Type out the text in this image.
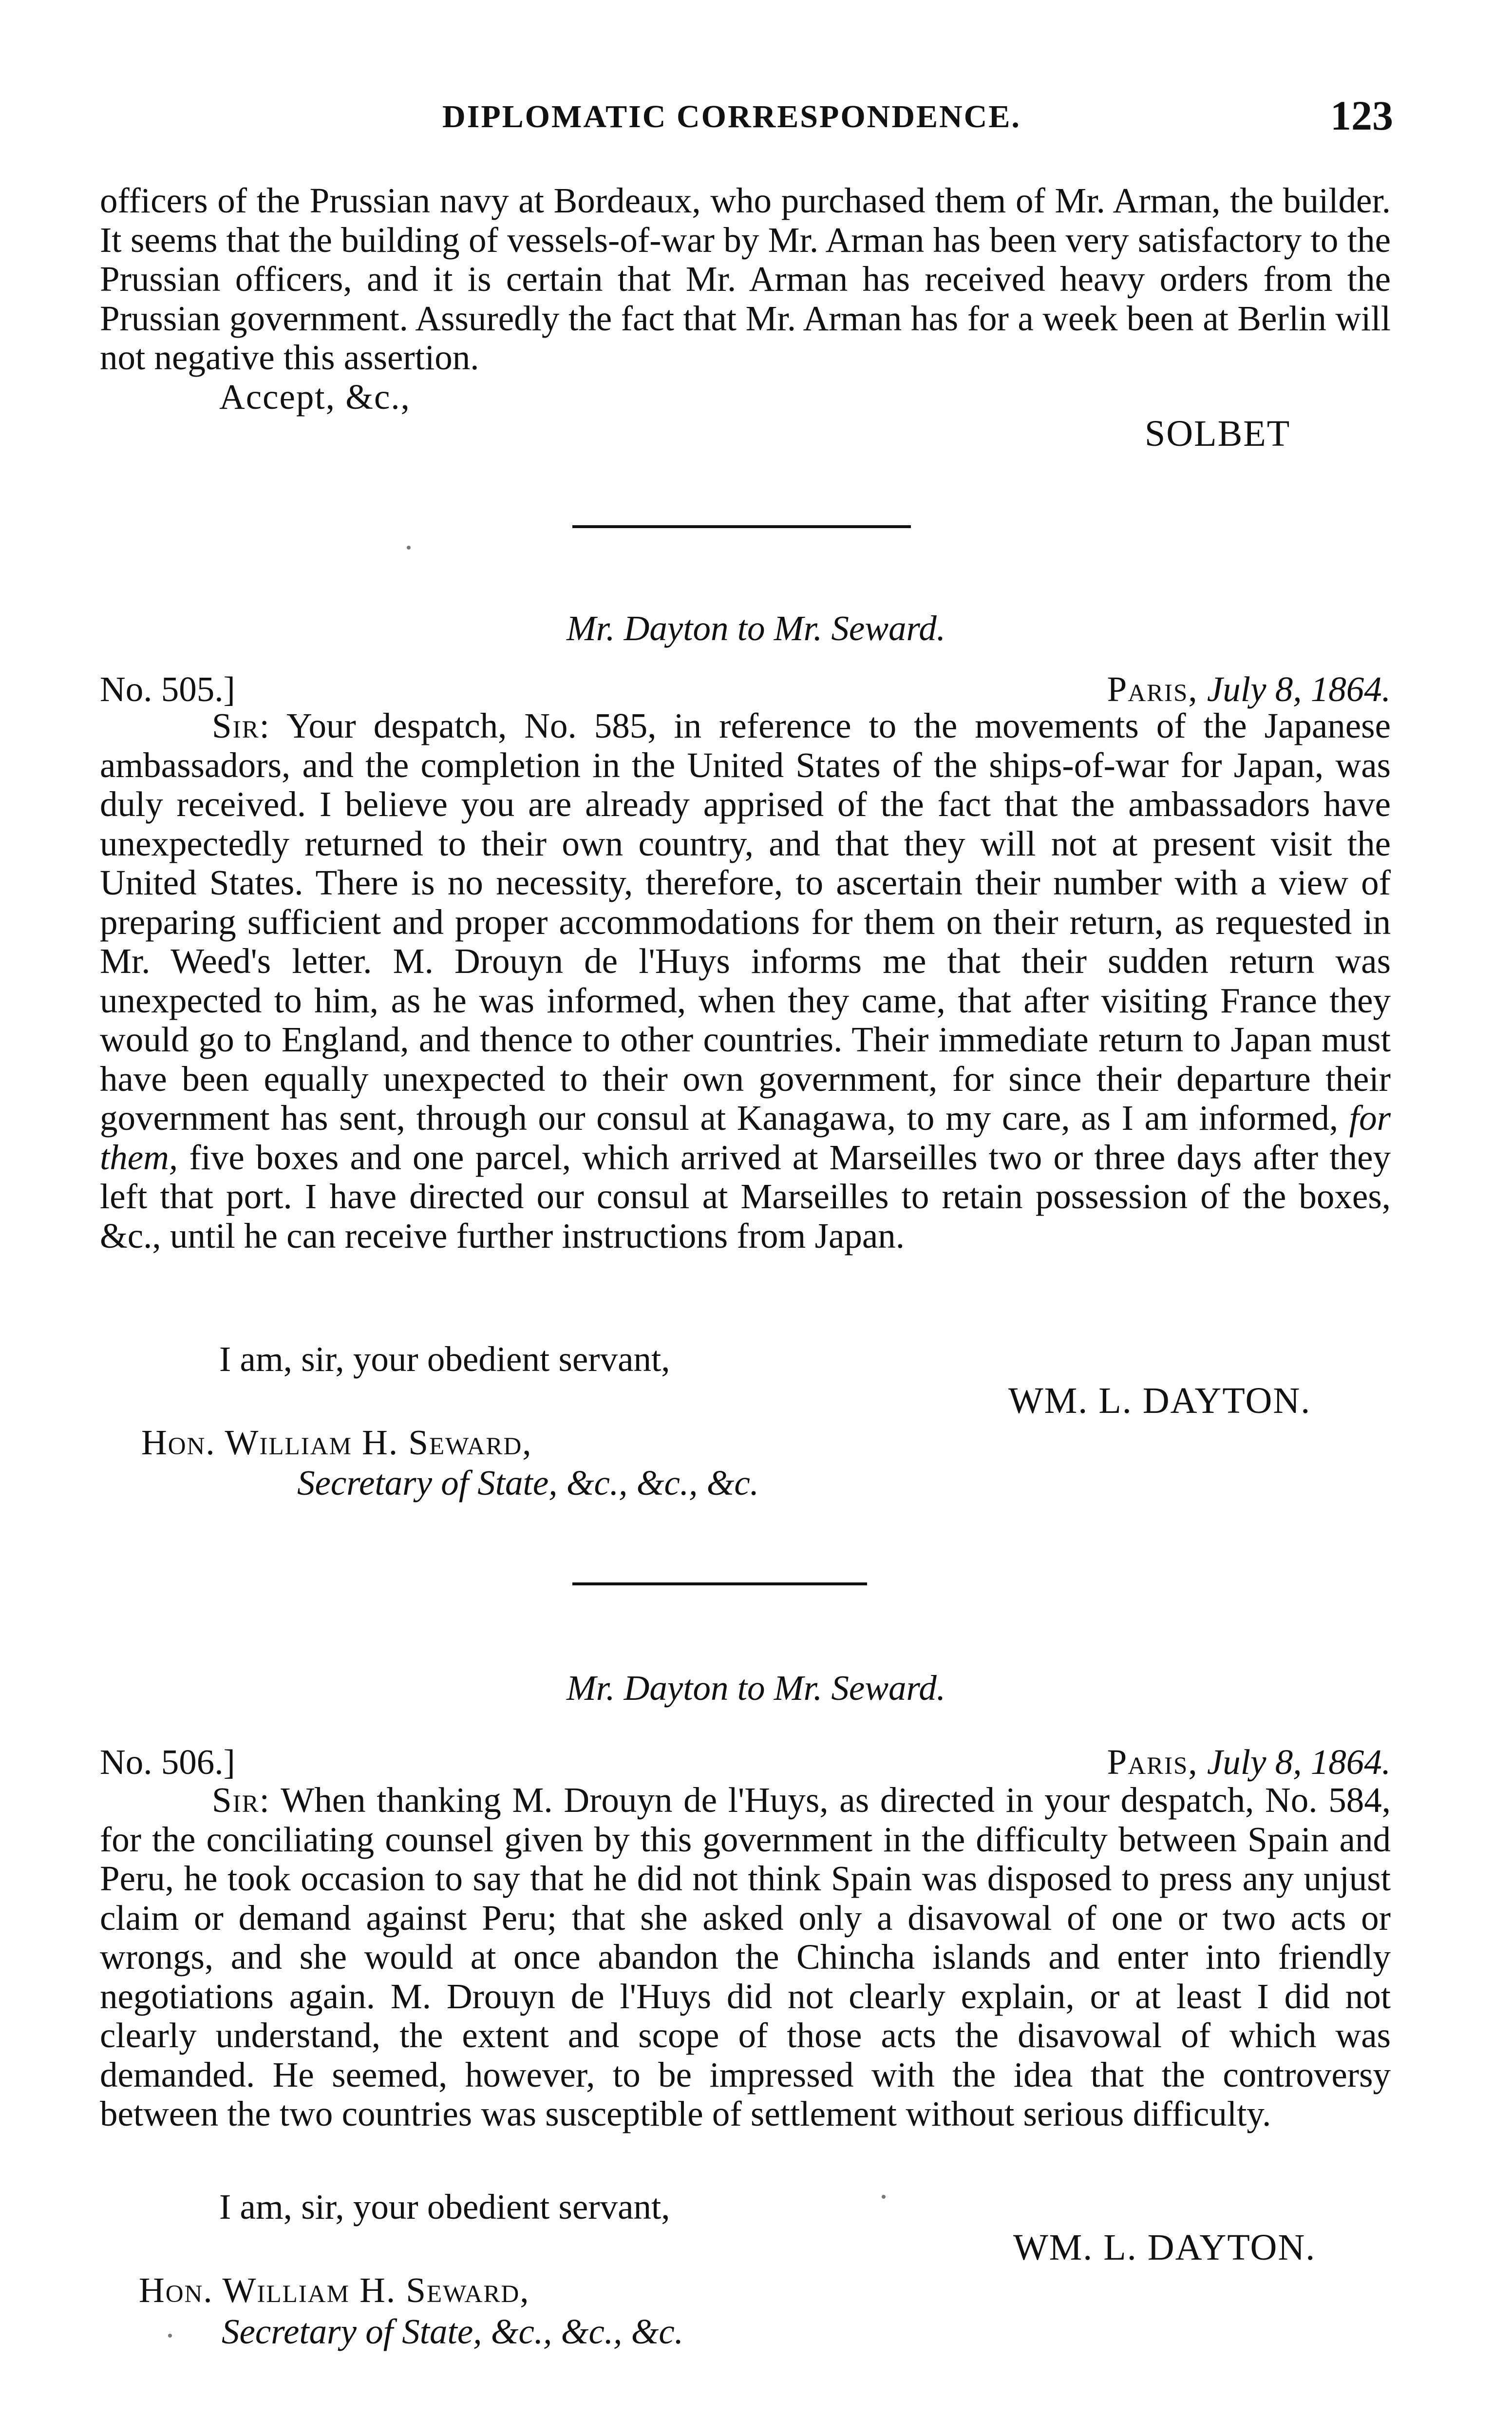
DIPLOMATIC CORRESPONDENCE.	123

officers of the Prussian navy at Bordeaux, who purchased them of Mr. Arman, the builder. It seems that the building of vessels-of-war by Mr. Arman has been very satisfactory to the Prussian officers, and it is certain that Mr. Arman has received heavy orders from the Prussian government. Assuredly the fact that Mr. Arman has for a week been at Berlin will not negative this assertion.

Accept, &c.,
SOLBET
Mr. Dayton to Mr. Seward.
No. 505.]	Paris, July 8, 1864.

Sir: Your despatch, No. 585, in reference to the movements of the Japanese ambassadors, and the completion in the United States of the ships-of-war for Japan, was duly received. I believe you are already apprised of the fact that the ambassadors have unexpectedly returned to their own country, and that they will not at present visit the United States. There is no necessity, therefore, to ascertain their number with a view of preparing sufficient and proper accommodations for them on their return, as requested in Mr. Weed's letter. M. Drouyn de l'Huys informs me that their sudden return was unexpected to him, as he was informed, when they came, that after visiting France they would go to England, and thence to other countries. Their immediate return to Japan must have been equally unexpected to their own government, for since their departure their government has sent, through our consul at Kanagawa, to my care, as I am informed, for them, five boxes and one parcel, which arrived at Marseilles two or three days after they left that port. I have directed our consul at Marseilles to retain possession of the boxes, &c., until he can receive further instructions from Japan.

I am, sir, your obedient servant,
WM. L. DAYTON.
Hon. William H. Seward,
Secretary of State, &c., &c., &c.
Mr. Dayton to Mr. Seward.
No. 506.]	Paris, July 8, 1864.

Sir: When thanking M. Drouyn de l'Huys, as directed in your despatch, No. 584, for the conciliating counsel given by this government in the difficulty between Spain and Peru, he took occasion to say that he did not think Spain was disposed to press any unjust claim or demand against Peru; that she asked only a disavowal of one or two acts or wrongs, and she would at once abandon the Chincha islands and enter into friendly negotiations again. M. Drouyn de l'Huys did not clearly explain, or at least I did not clearly understand, the extent and scope of those acts the disavowal of which was demanded. He seemed, however, to be impressed with the idea that the controversy between the two countries was susceptible of settlement without serious difficulty.

I am, sir, your obedient servant,
WM. L. DAYTON.
Hon. William H. Seward,
Secretary of State, &c., &c., &c.
